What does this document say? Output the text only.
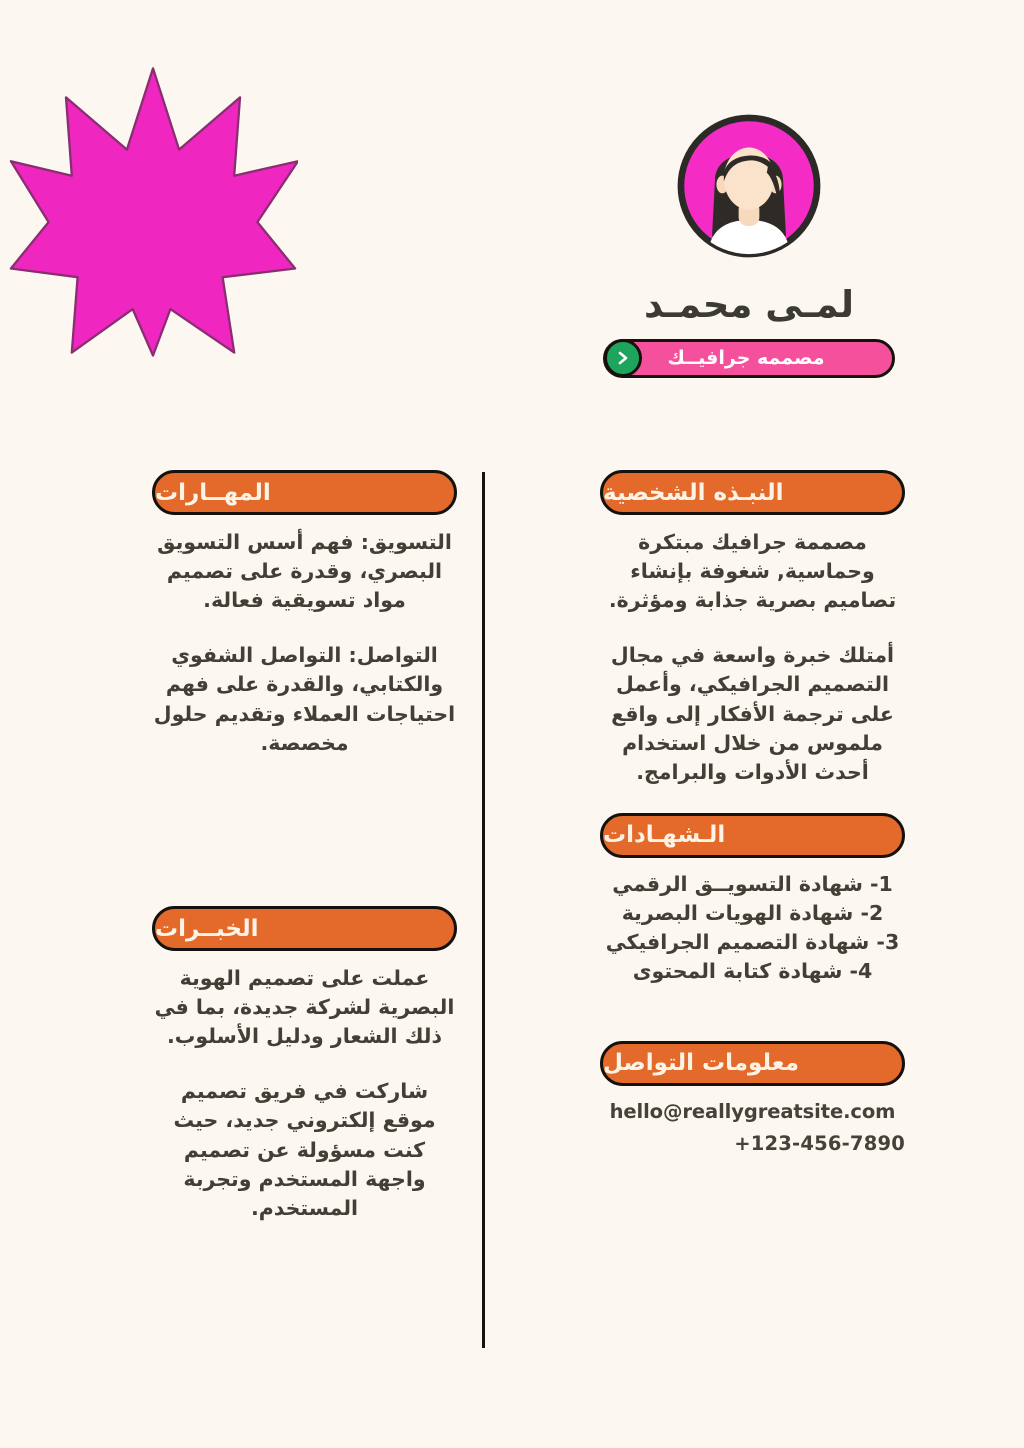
لمـى محمـد
مصممه جرافيــك
المهــارات

التسويق: فهم أسس التسويق البصري، وقدرة على تصميم مواد تسويقية فعالة.

التواصل: التواصل الشفوي والكتابي، والقدرة على فهم احتياجات العملاء وتقديم حلول مخصصة.

الخبــرات

عملت على تصميم الهوية البصرية لشركة جديدة، بما في ذلك الشعار ودليل الأسلوب.

شاركت في فريق تصميم موقع إلكتروني جديد، حيث كنت مسؤولة عن تصميم واجهة المستخدم وتجربة المستخدم.

النبـذه الشخصية

مصممة جرافيك مبتكرة وحماسية, شغوفة بإنشاء تصاميم بصرية جذابة ومؤثرة.

أمتلك خبرة واسعة في مجال التصميم الجرافيكي، وأعمل على ترجمة الأفكار إلى واقع ملموس من خلال استخدام أحدث الأدوات والبرامج.

الـشهـادات
1- شهادة التسويــق الرقمي
2- شهادة الهويات البصرية
3- شهادة التصميم الجرافيكي
4- شهادة كتابة المحتوى
معلومات التواصل
hello@reallygreatsite.com
+123-456-7890
